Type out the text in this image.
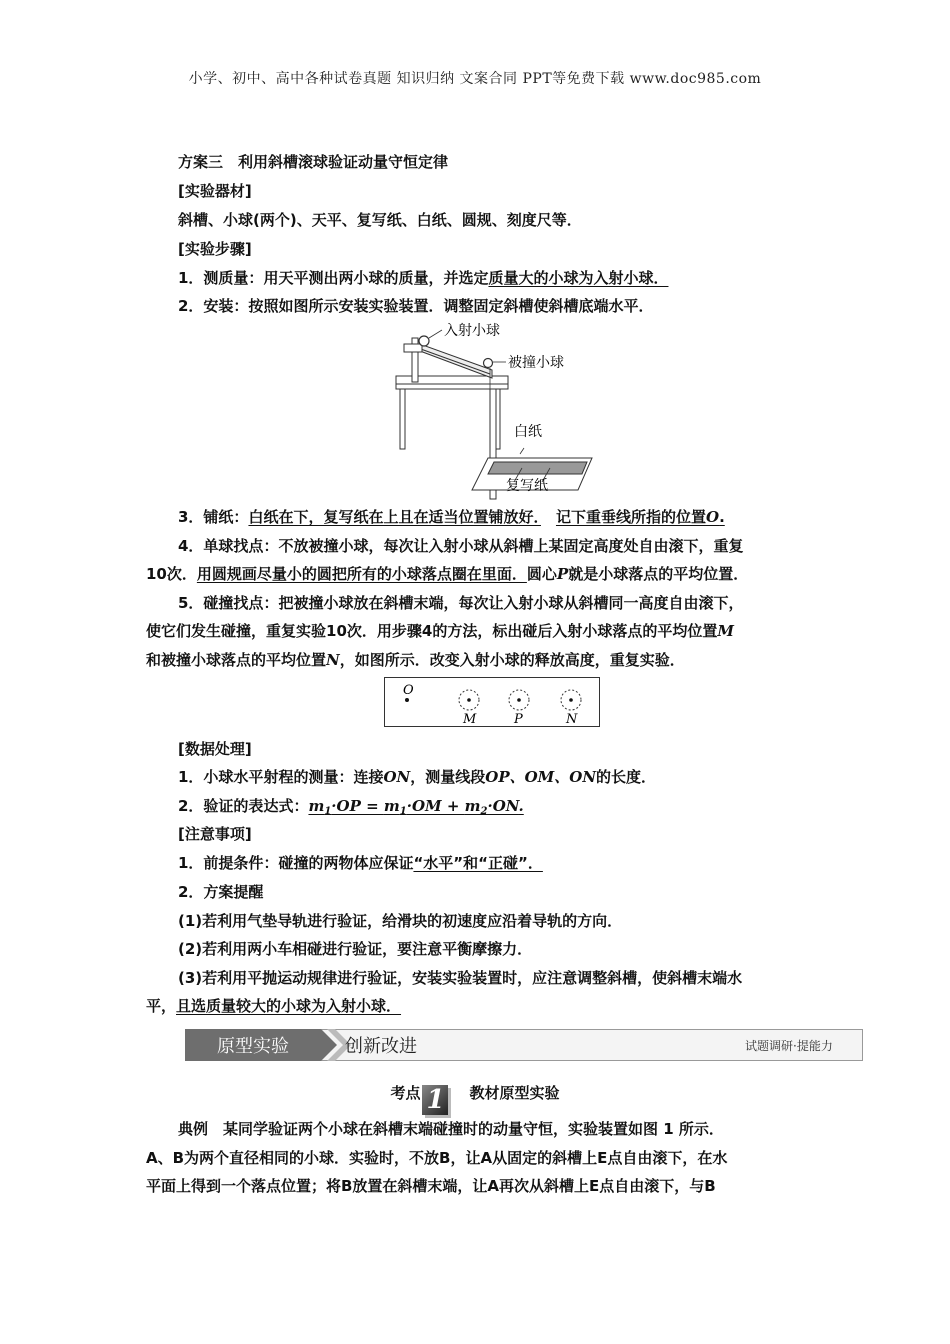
小学、初中、高中各种试卷真题 知识归纳 文案合同 PPT等免费下载 www.doc985.com
方案三　利用斜槽滚球验证动量守恒定律
[实验器材]
斜槽、小球(两个)、天平、复写纸、白纸、圆规、刻度尺等．
[实验步骤]
1．测质量：用天平测出两小球的质量，并选定质量大的小球为入射小球．
2．安装：按照如图所示安装实验装置．调整固定斜槽使斜槽底端水平．
入射小球
被撞小球
白纸
复写纸
3．铺纸：白纸在下，复写纸在上且在适当位置铺放好．　 记下重垂线所指的位置O.
4．单球找点：不放被撞小球，每次让入射小球从斜槽上某固定高度处自由滚下，重复
10次．用圆规画尽量小的圆把所有的小球落点圈在里面．圆心P就是小球落点的平均位置．
5．碰撞找点：把被撞小球放在斜槽末端，每次让入射小球从斜槽同一高度自由滚下，
使它们发生碰撞，重复实验10次．用步骤4的方法，标出碰后入射小球落点的平均位置M
和被撞小球落点的平均位置N，如图所示．改变入射小球的释放高度，重复实验．
O
M	P	N
[数据处理]
1．小球水平射程的测量：连接ON，测量线段OP、OM、ON的长度．
2．验证的表达式：$m_1\cdot OP = m_1\cdot OM + m_2\cdot ON$.
[注意事项]
1．前提条件：碰撞的两物体应保证“水平”和“正碰”．
2．方案提醒
(1)若利用气垫导轨进行验证，给滑块的初速度应沿着导轨的方向．
(2)若利用两小车相碰进行验证，要注意平衡摩擦力．
(3)若利用平抛运动规律进行验证，安装实验装置时，应注意调整斜槽，使斜槽末端水
平，且选质量较大的小球为入射小球．
原型实验	创新改进	试题调研·提能力
考点 1　 教材原型实验
典例　某同学验证两个小球在斜槽末端碰撞时的动量守恒，实验装置如图 1 所示．
A、B为两个直径相同的小球．实验时，不放B，让A从固定的斜槽上E点自由滚下，在水
平面上得到一个落点位置；将B放置在斜槽末端，让A再次从斜槽上E点自由滚下，与B
